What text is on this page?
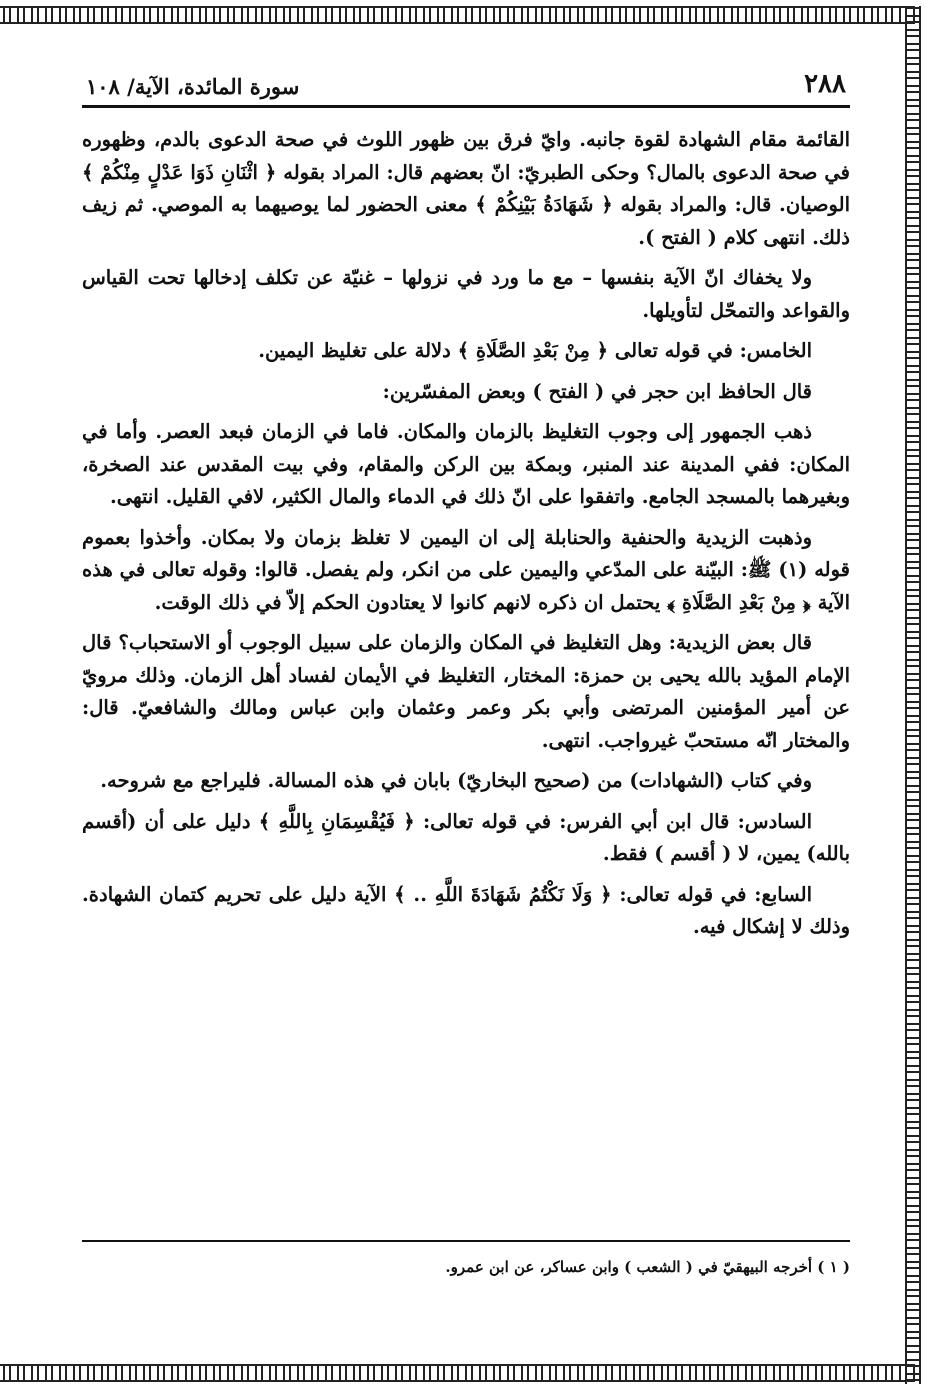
٢٨٨
سورة المائدة، الآية/ ١٠٨

القائمة مقام الشهادة لقوة جانبه. وايّ فرق بين ظهور اللوث في صحة الدعوى بالدم، وظهوره في صحة الدعوى بالمال؟ وحكى الطبريّ: انّ بعضهم قال: المراد بقوله ﴿ اثْنَانِ ذَوَا عَدْلٍ مِنْكُمْ ﴾ الوصيان. قال: والمراد بقوله ﴿ شَهَادَةُ بَيْنِكُمْ ﴾ معنى الحضور لما يوصيهما به الموصي. ثم زيف ذلك. انتهى كلام ( الفتح ).

ولا يخفاك انّ الآية بنفسها – مع ما ورد في نزولها – غنيّة عن تكلف إدخالها تحت القياس والقواعد والتمحّل لتأويلها.

الخامس: في قوله تعالى ﴿ مِنْ بَعْدِ الصَّلَاةِ ﴾ دلالة على تغليظ اليمين.

قال الحافظ ابن حجر في ( الفتح ) وبعض المفسّرين:

ذهب الجمهور إلى وجوب التغليظ بالزمان والمكان. فاما في الزمان فبعد العصر. وأما في المكان: ففي المدينة عند المنبر، وبمكة بين الركن والمقام، وفي بيت المقدس عند الصخرة، وبغيرهما بالمسجد الجامع. واتفقوا على انّ ذلك في الدماء والمال الكثير، لافي القليل. انتهى.

وذهبت الزيدية والحنفية والحنابلة إلى ان اليمين لا تغلظ بزمان ولا بمكان. وأخذوا بعموم قوله (١) ﷺ: البيّنة على المدّعي واليمين على من انكر، ولم يفصل. قالوا: وقوله تعالى في هذه الآية ﴿ مِنْ بَعْدِ الصَّلَاةِ ﴾ يحتمل ان ذكره لانهم كانوا لا يعتادون الحكم إلاّ في ذلك الوقت.

قال بعض الزيدية: وهل التغليظ في المكان والزمان على سبيل الوجوب أو الاستحباب؟ قال الإمام المؤيد بالله يحيى بن حمزة: المختار، التغليظ في الأيمان لفساد أهل الزمان. وذلك مرويّ عن أمير المؤمنين المرتضى وأبي بكر وعمر وعثمان وابن عباس ومالك والشافعيّ. قال: والمختار انّه مستحبّ غيرواجب. انتهى.

وفي كتاب (الشهادات) من (صحيح البخاريّ) بابان في هذه المسالة. فليراجع مع شروحه.

السادس: قال ابن أبي الفرس: في قوله تعالى: ﴿ فَيُقْسِمَانِ بِاللَّهِ ﴾ دليل على أن (أقسم بالله) يمين، لا ( أقسم ) فقط.

السابع: في قوله تعالى: ﴿ وَلَا نَكْتُمُ شَهَادَةَ اللَّهِ .. ﴾ الآية دليل على تحريم كتمان الشهادة. وذلك لا إشكال فيه.

( ١ ) أخرجه البيهقيّ في ( الشعب ) وابن عساكر، عن ابن عمرو.
